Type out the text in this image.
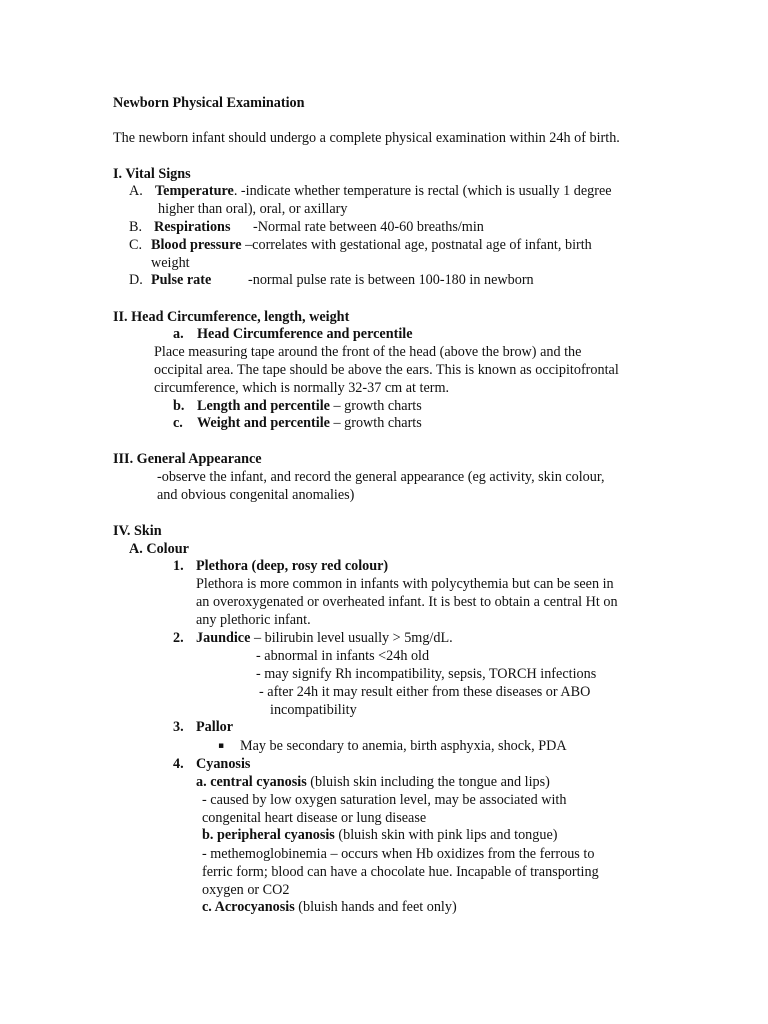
Newborn Physical Examination
The newborn infant should undergo a complete physical examination within 24h of birth.
I. Vital Signs
A. Temperature. -indicate whether temperature is rectal (which is usually 1 degree
higher than oral), oral, or axillary
B. Respirations -Normal rate between 40-60 breaths/min
C. Blood pressure –correlates with gestational age, postnatal age of infant, birth
weight
D. Pulse rate	-normal pulse rate is between 100-180 in newborn
II. Head Circumference, length, weight
a. Head Circumference and percentile
Place measuring tape around the front of the head (above the brow) and the
occipital area. The tape should be above the ears. This is known as occipitofrontal
circumference, which is normally 32-37 cm at term.
b. Length and percentile – growth charts
c. Weight and percentile – growth charts
III. General Appearance
-observe the infant, and record the general appearance (eg activity, skin colour,
and obvious congenital anomalies)
IV. Skin
A. Colour
1. Plethora (deep, rosy red colour)
Plethora is more common in infants with polycythemia but can be seen in
an overoxygenated or overheated infant. It is best to obtain a central Ht on
any plethoric infant.
2. Jaundice – bilirubin level usually > 5mg/dL.
- abnormal in infants <24h old
- may signify Rh incompatibility, sepsis, TORCH infections
- after 24h it may result either from these diseases or ABO
incompatibility
3. Pallor
▪ May be secondary to anemia, birth asphyxia, shock, PDA
4. Cyanosis
a. central cyanosis (bluish skin including the tongue and lips)
- caused by low oxygen saturation level, may be associated with
congenital heart disease or lung disease
b. peripheral cyanosis (bluish skin with pink lips and tongue)
- methemoglobinemia – occurs when Hb oxidizes from the ferrous to
ferric form; blood can have a chocolate hue. Incapable of transporting
oxygen or CO2
c. Acrocyanosis (bluish hands and feet only)
